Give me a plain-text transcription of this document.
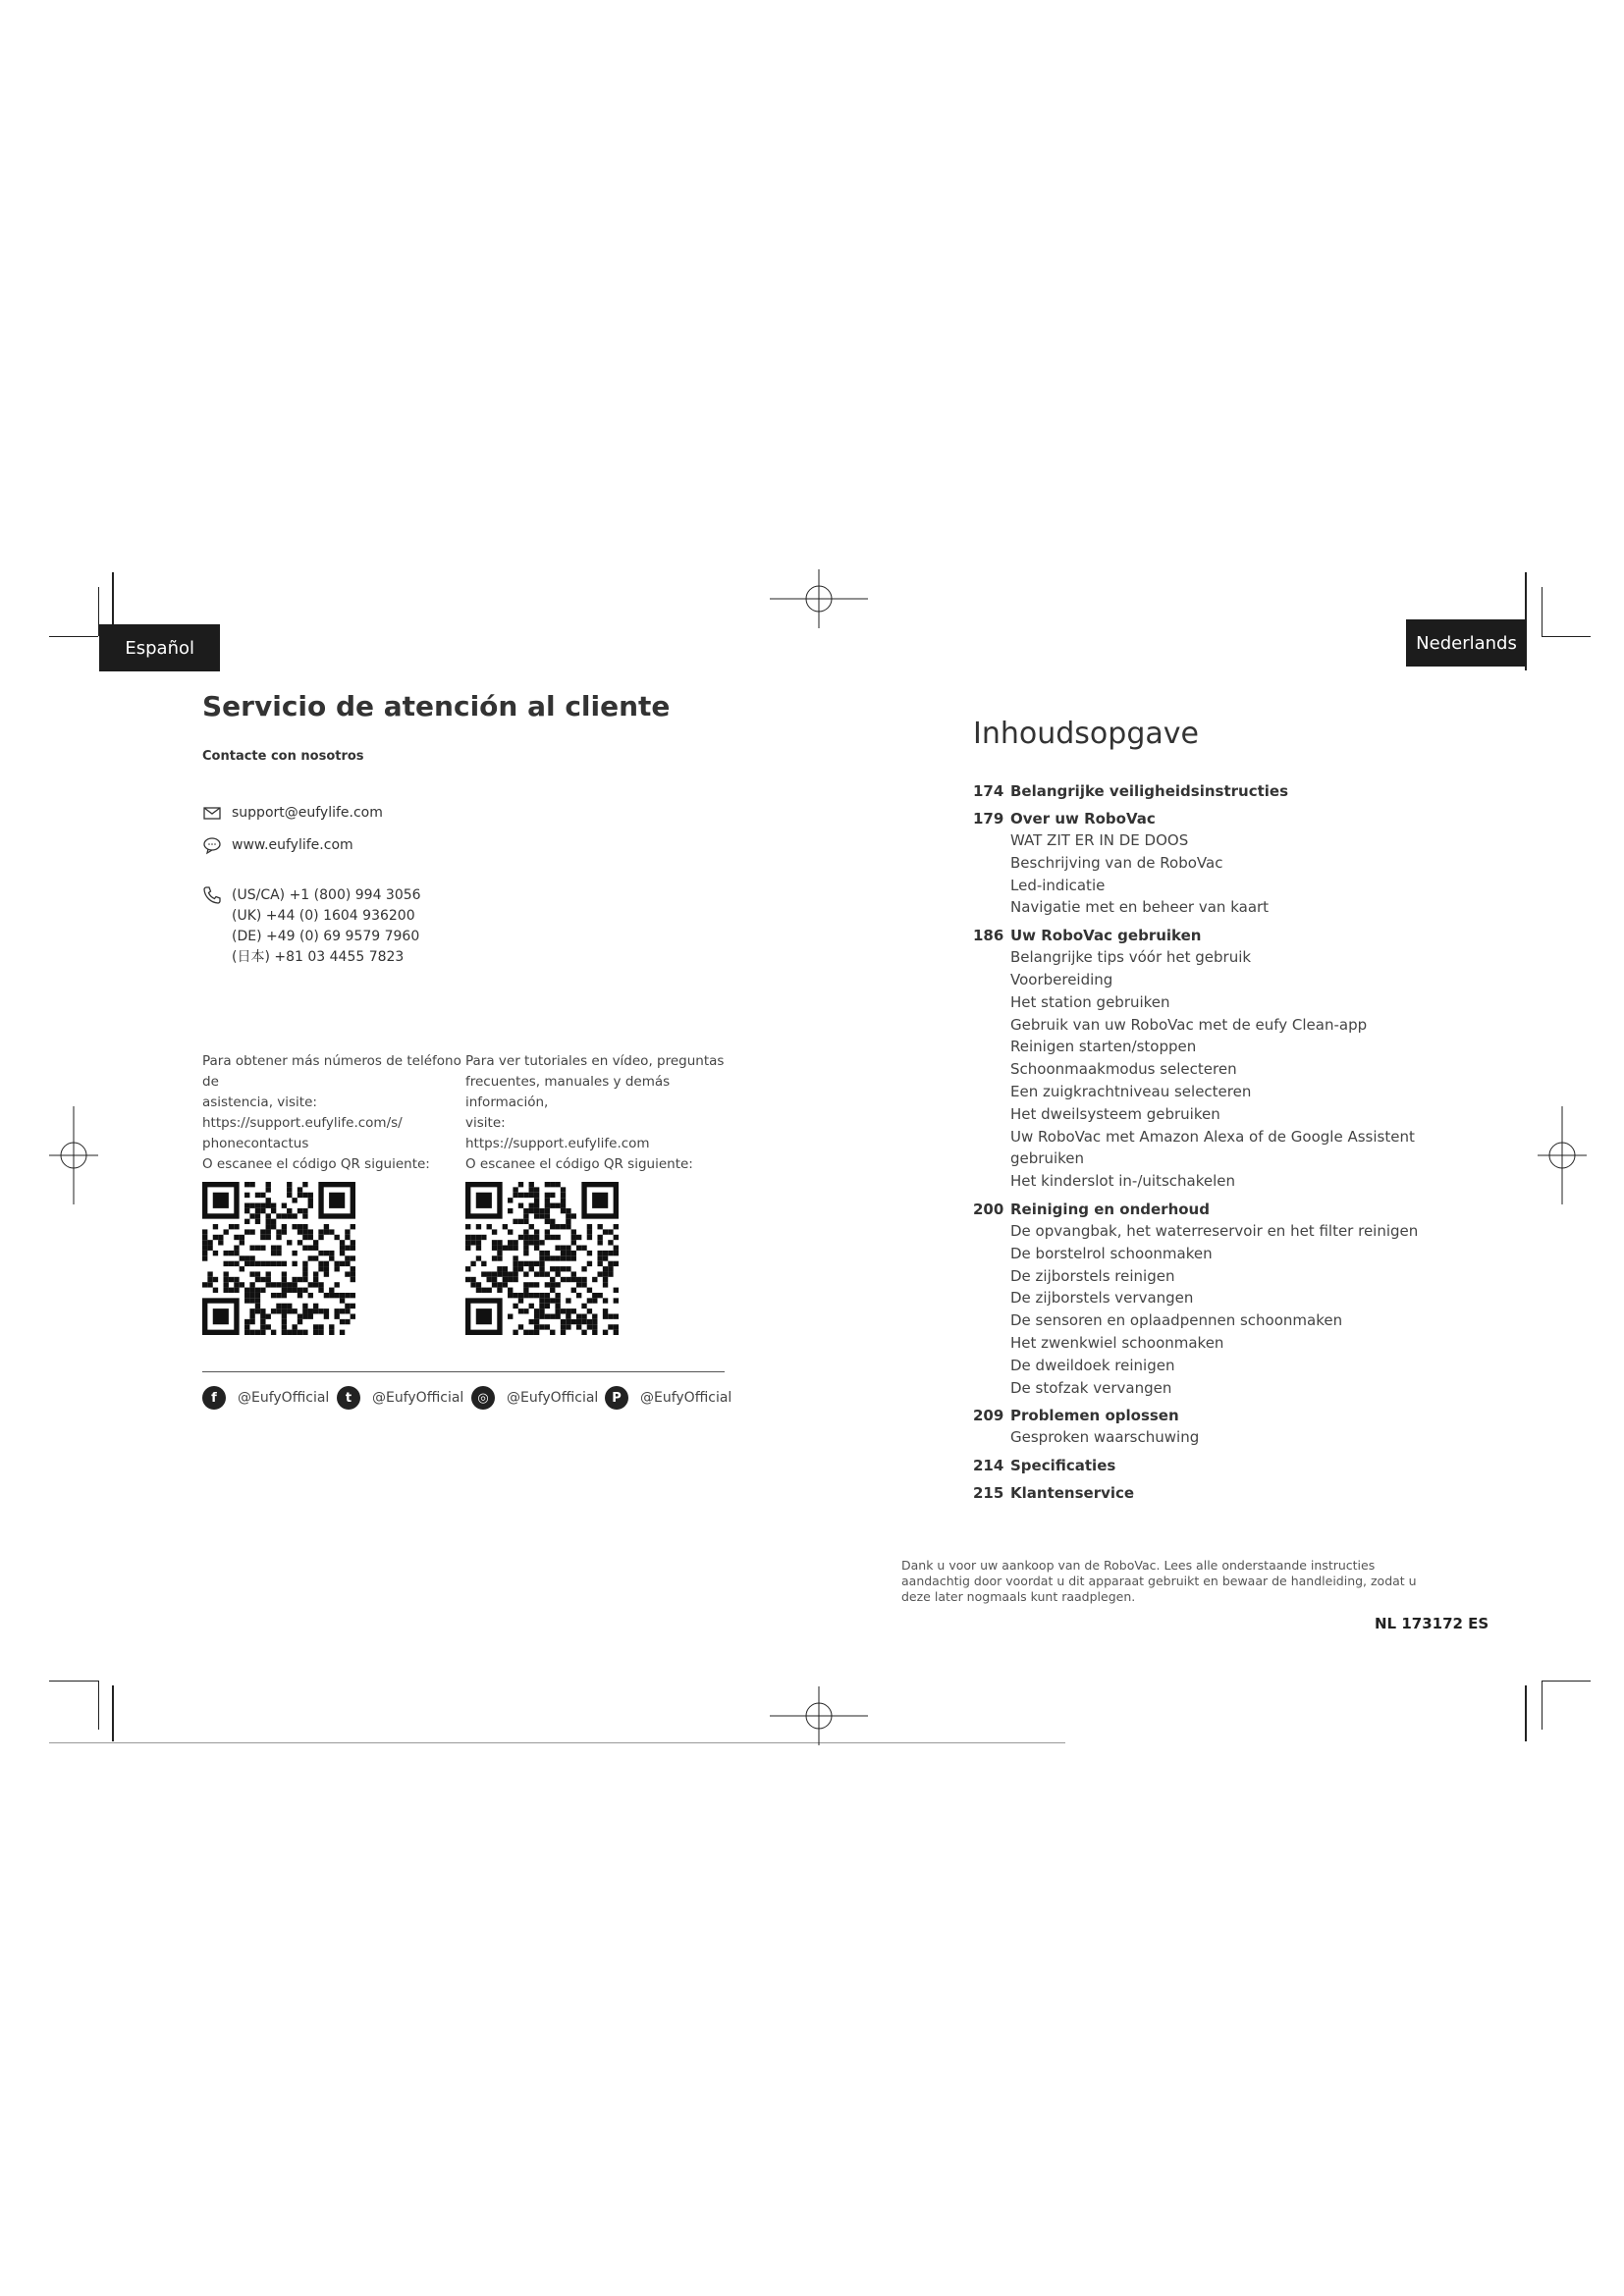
Español
Servicio de atención al cliente
Contacte con nosotros
support@eufylife.com
www.eufylife.com
(US/CA) +1 (800) 994 3056
(UK) +44 (0) 1604 936200
(DE) +49 (0) 69 9579 7960
(日本) +81 03 4455 7823
Para obtener más números de teléfono de
asistencia, visite:
https://support.eufylife.com/s/
phonecontactus
O escanee el código QR siguiente:
Para ver tutoriales en vídeo, preguntas
frecuentes, manuales y demás información,
visite:
https://support.eufylife.com
O escanee el código QR siguiente:
f	@EufyOfficial	t	@EufyOfficial	◎	@EufyOfficial	P	@EufyOfficial
Nederlands
Inhoudsopgave
174 Belangrijke veiligheidsinstructies
179 Over uw RoboVac
WAT ZIT ER IN DE DOOS
Beschrijving van de RoboVac
Led-indicatie
Navigatie met en beheer van kaart
186 Uw RoboVac gebruiken
Belangrijke tips vóór het gebruik
Voorbereiding
Het station gebruiken
Gebruik van uw RoboVac met de eufy Clean-app
Reinigen starten/stoppen
Schoonmaakmodus selecteren
Een zuigkrachtniveau selecteren
Het dweilsysteem gebruiken
Uw RoboVac met Amazon Alexa of de Google Assistent gebruiken
Het kinderslot in-/uitschakelen
200 Reiniging en onderhoud
De opvangbak, het waterreservoir en het filter reinigen
De borstelrol schoonmaken
De zijborstels reinigen
De zijborstels vervangen
De sensoren en oplaadpennen schoonmaken
Het zwenkwiel schoonmaken
De dweildoek reinigen
De stofzak vervangen
209 Problemen oplossen
Gesproken waarschuwing
214 Specificaties
215 Klantenservice
Dank u voor uw aankoop van de RoboVac. Lees alle onderstaande instructies aandachtig door voordat u dit apparaat gebruikt en bewaar de handleiding, zodat u deze later nogmaals kunt raadplegen.
NL 173172 ES
